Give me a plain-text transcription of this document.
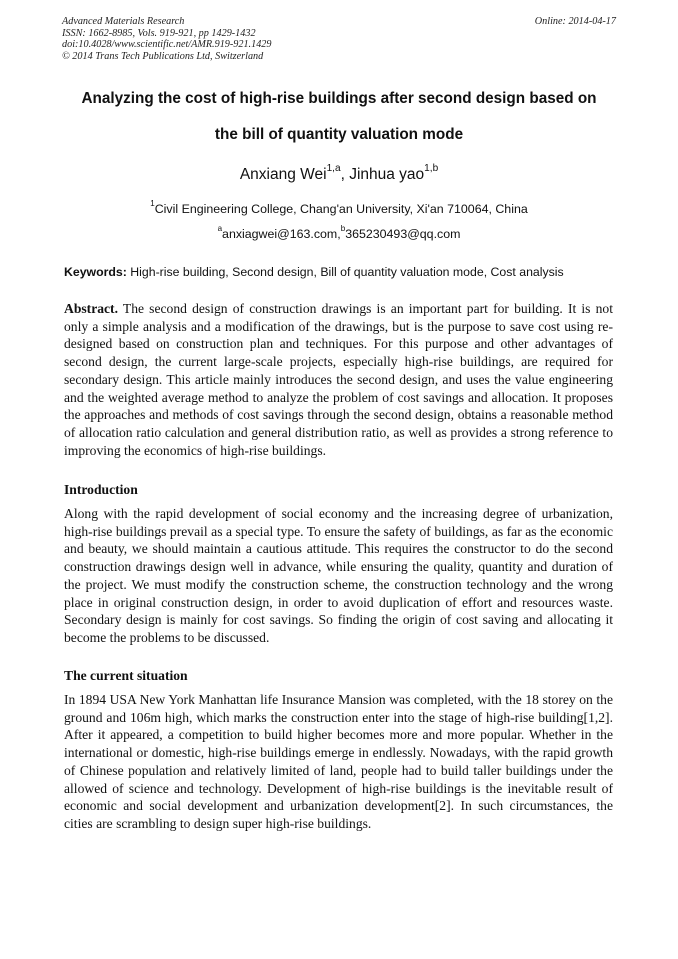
Advanced Materials Research
ISSN: 1662-8985, Vols. 919-921, pp 1429-1432
doi:10.4028/www.scientific.net/AMR.919-921.1429
© 2014 Trans Tech Publications Ltd, Switzerland
Online: 2014-04-17
Analyzing the cost of high-rise buildings after second design based on
the bill of quantity valuation mode
Anxiang Wei$^{1,a}$, Jinhua yao$^{1,b}$
$^1$Civil Engineering College, Chang'an University, Xi'an 710064, China
$^a$anxiagwei@163.com,$^b$365230493@qq.com
Keywords: High-rise building, Second design, Bill of quantity valuation mode, Cost analysis
Abstract. The second design of construction drawings is an important part for building. It is not only a simple analysis and a modification of the drawings, but is the purpose to save cost using re-designed based on construction plan and techniques. For this purpose and other advantages of second design, the current large-scale projects, especially high-rise buildings, are required for secondary design. This article mainly introduces the second design, and uses the value engineering and the weighted average method to analyze the problem of cost savings and allocation. It proposes the approaches and methods of cost savings through the second design, obtains a reasonable method of allocation ratio calculation and general distribution ratio, as well as provides a strong reference to improving the economics of high-rise buildings.
Introduction
Along with the rapid development of social economy and the increasing degree of urbanization, high-rise buildings prevail as a special type. To ensure the safety of buildings, as far as the economic and beauty, we should maintain a cautious attitude. This requires the constructor to do the second construction drawings design well in advance, while ensuring the quality, quantity and duration of the project. We must modify the construction scheme, the construction technology and the wrong place in original construction design, in order to avoid duplication of effort and resources waste. Secondary design is mainly for cost savings. So finding the origin of cost saving and allocating it become the problems to be discussed.
The current situation
In 1894 USA New York Manhattan life Insurance Mansion was completed, with the 18 storey on the ground and 106m high, which marks the construction enter into the stage of high-rise building[1,2]. After it appeared, a competition to build higher becomes more and more popular. Whether in the international or domestic, high-rise buildings emerge in endlessly. Nowadays, with the rapid growth of Chinese population and relatively limited of land, people had to build taller buildings under the allowed of science and technology. Development of high-rise buildings is the inevitable result of economic and social development and urbanization development[2]. In such circumstances, the cities are scrambling to design super high-rise buildings.
